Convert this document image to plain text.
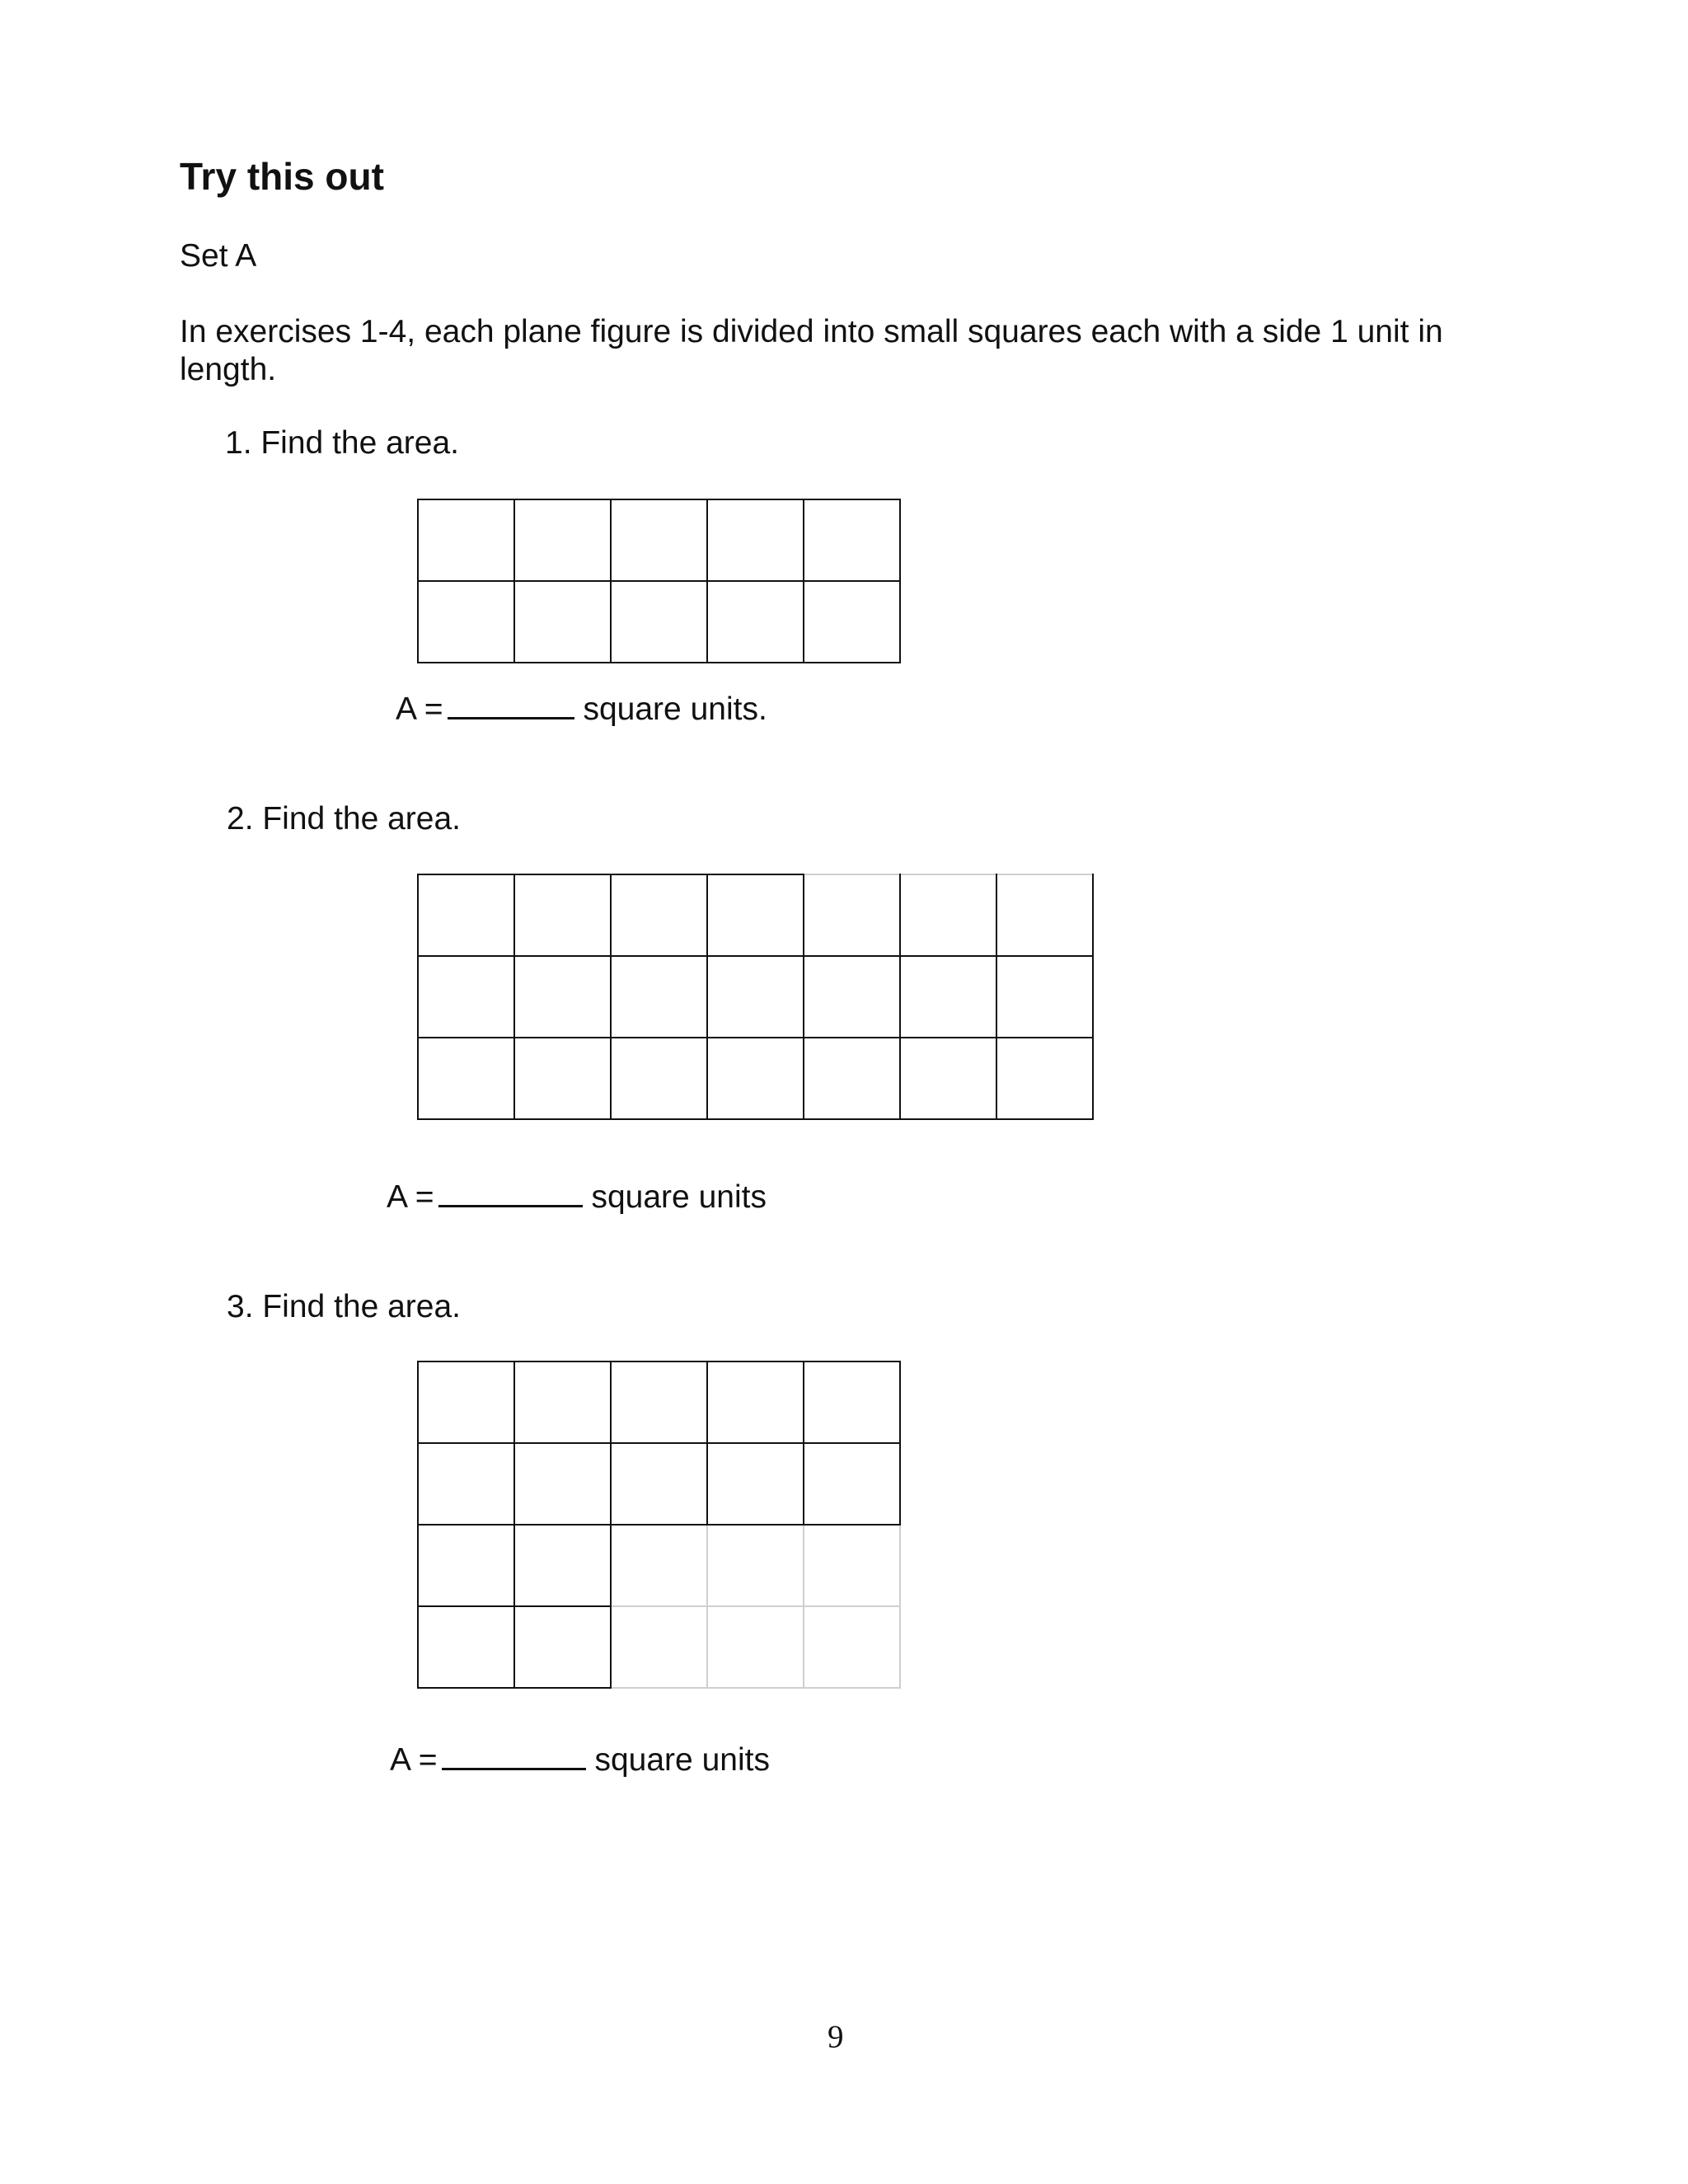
Try this out

Set A

In exercises 1-4, each plane figure is divided into small squares each with a side 1 unit in length.

1. Find the area.

A =	square units.

2. Find the area.

A =	square units

3. Find the area.

A =	square units

9
